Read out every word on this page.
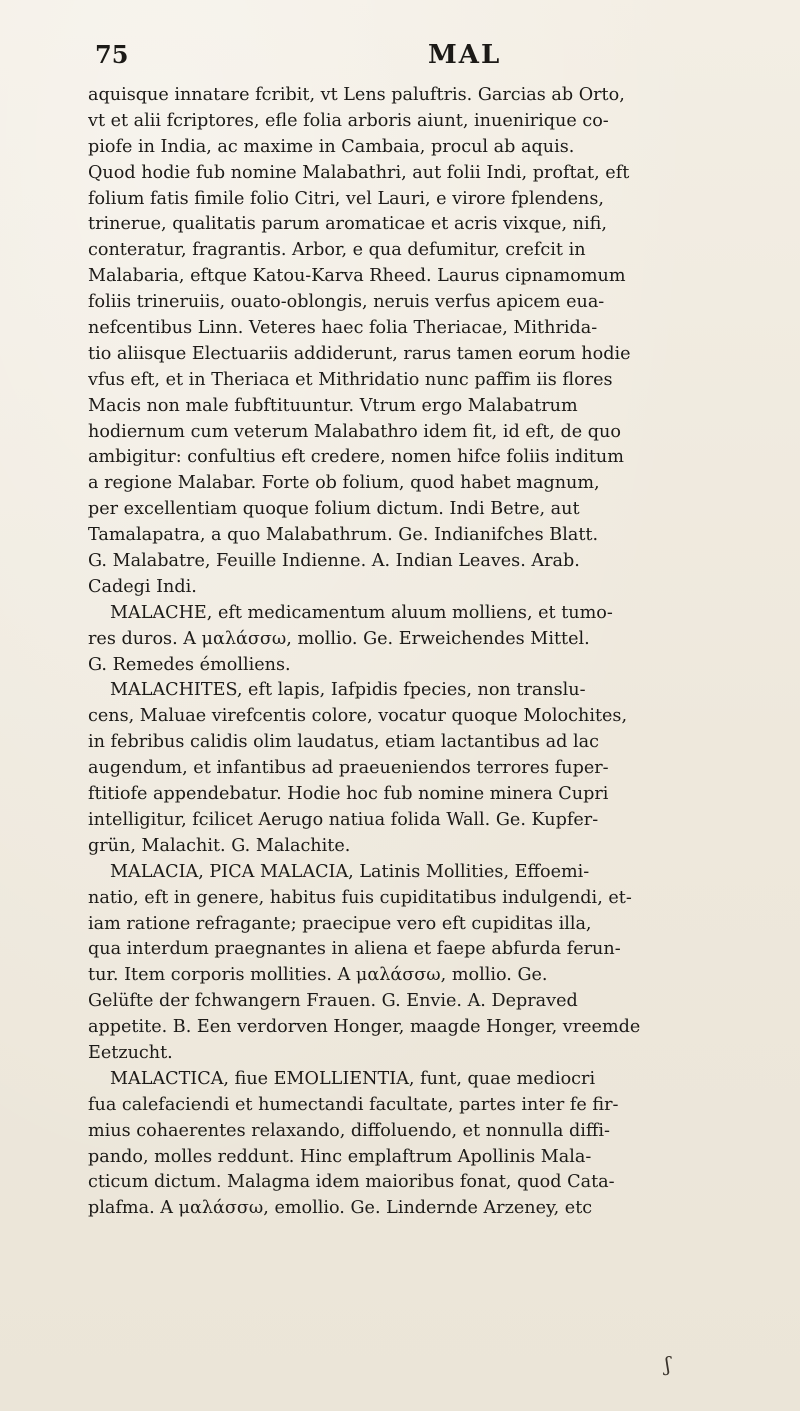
75	MAL
aquisque innatare fcribit, vt Lens paluftris. Garcias ab Orto,
vt et alii fcriptores, efle folia arboris aiunt, inuenirique co-
piofe in India, ac maxime in Cambaia, procul ab aquis.
Quod hodie fub nomine Malabathri, aut folii Indi, proftat, eft
folium fatis fimile folio Citri, vel Lauri, e virore fplendens,
trinerue, qualitatis parum aromaticae et acris vixque, nifi,
conteratur, fragrantis. Arbor, e qua defumitur, crefcit in
Malabaria, eftque Katou-Karva Rheed. Laurus cipnamomum
foliis trineruiis, ouato-oblongis, neruis verfus apicem eua-
nefcentibus Linn. Veteres haec folia Theriacae, Mithrida-
tio aliisque Electuariis addiderunt, rarus tamen eorum hodie
vfus eft, et in Theriaca et Mithridatio nunc paffim iis flores
Macis non male fubftituuntur. Vtrum ergo Malabatrum
hodiernum cum veterum Malabathro idem fit, id eft, de quo
ambigitur: confultius eft credere, nomen hifce foliis inditum
a regione Malabar. Forte ob folium, quod habet magnum,
per excellentiam quoque folium dictum. Indi Betre, aut
Tamalapatra, a quo Malabathrum. Ge. Indianifches Blatt.
G. Malabatre, Feuille Indienne. A. Indian Leaves. Arab.
Cadegi Indi.
MALACHE, eft medicamentum aluum molliens, et tumo-
res duros. A μαλάσσω, mollio. Ge. Erweichendes Mittel.
G. Remedes émolliens.
MALACHITES, eft lapis, Iafpidis fpecies, non translu-
cens, Maluae virefcentis colore, vocatur quoque Molochites,
in febribus calidis olim laudatus, etiam lactantibus ad lac
augendum, et infantibus ad praeueniendos terrores fuper-
ftitiofe appendebatur. Hodie hoc fub nomine minera Cupri
intelligitur, fcilicet Aerugo natiua folida Wall. Ge. Kupfer-
grün, Malachit. G. Malachite.
MALACIA, PICA MALACIA, Latinis Mollities, Effoemi-
natio, eft in genere, habitus fuis cupiditatibus indulgendi, et-
iam ratione refragante; praecipue vero eft cupiditas illa,
qua interdum praegnantes in aliena et faepe abfurda ferun-
tur. Item corporis mollities. A μαλάσσω, mollio. Ge.
Gelüfte der fchwangern Frauen. G. Envie. A. Depraved
appetite. B. Een verdorven Honger, maagde Honger, vreemde
Eetzucht.
MALACTICA, fiue EMOLLIENTIA, funt, quae mediocri
fua calefaciendi et humectandi facultate, partes inter fe fir-
mius cohaerentes relaxando, diffoluendo, et nonnulla diffi-
pando, molles reddunt. Hinc emplaftrum Apollinis Mala-
cticum dictum. Malagma idem maioribus fonat, quod Cata-
plafma. A μαλάσσω, emollio. Ge. Lindernde Arzeney, etc
ʃ
